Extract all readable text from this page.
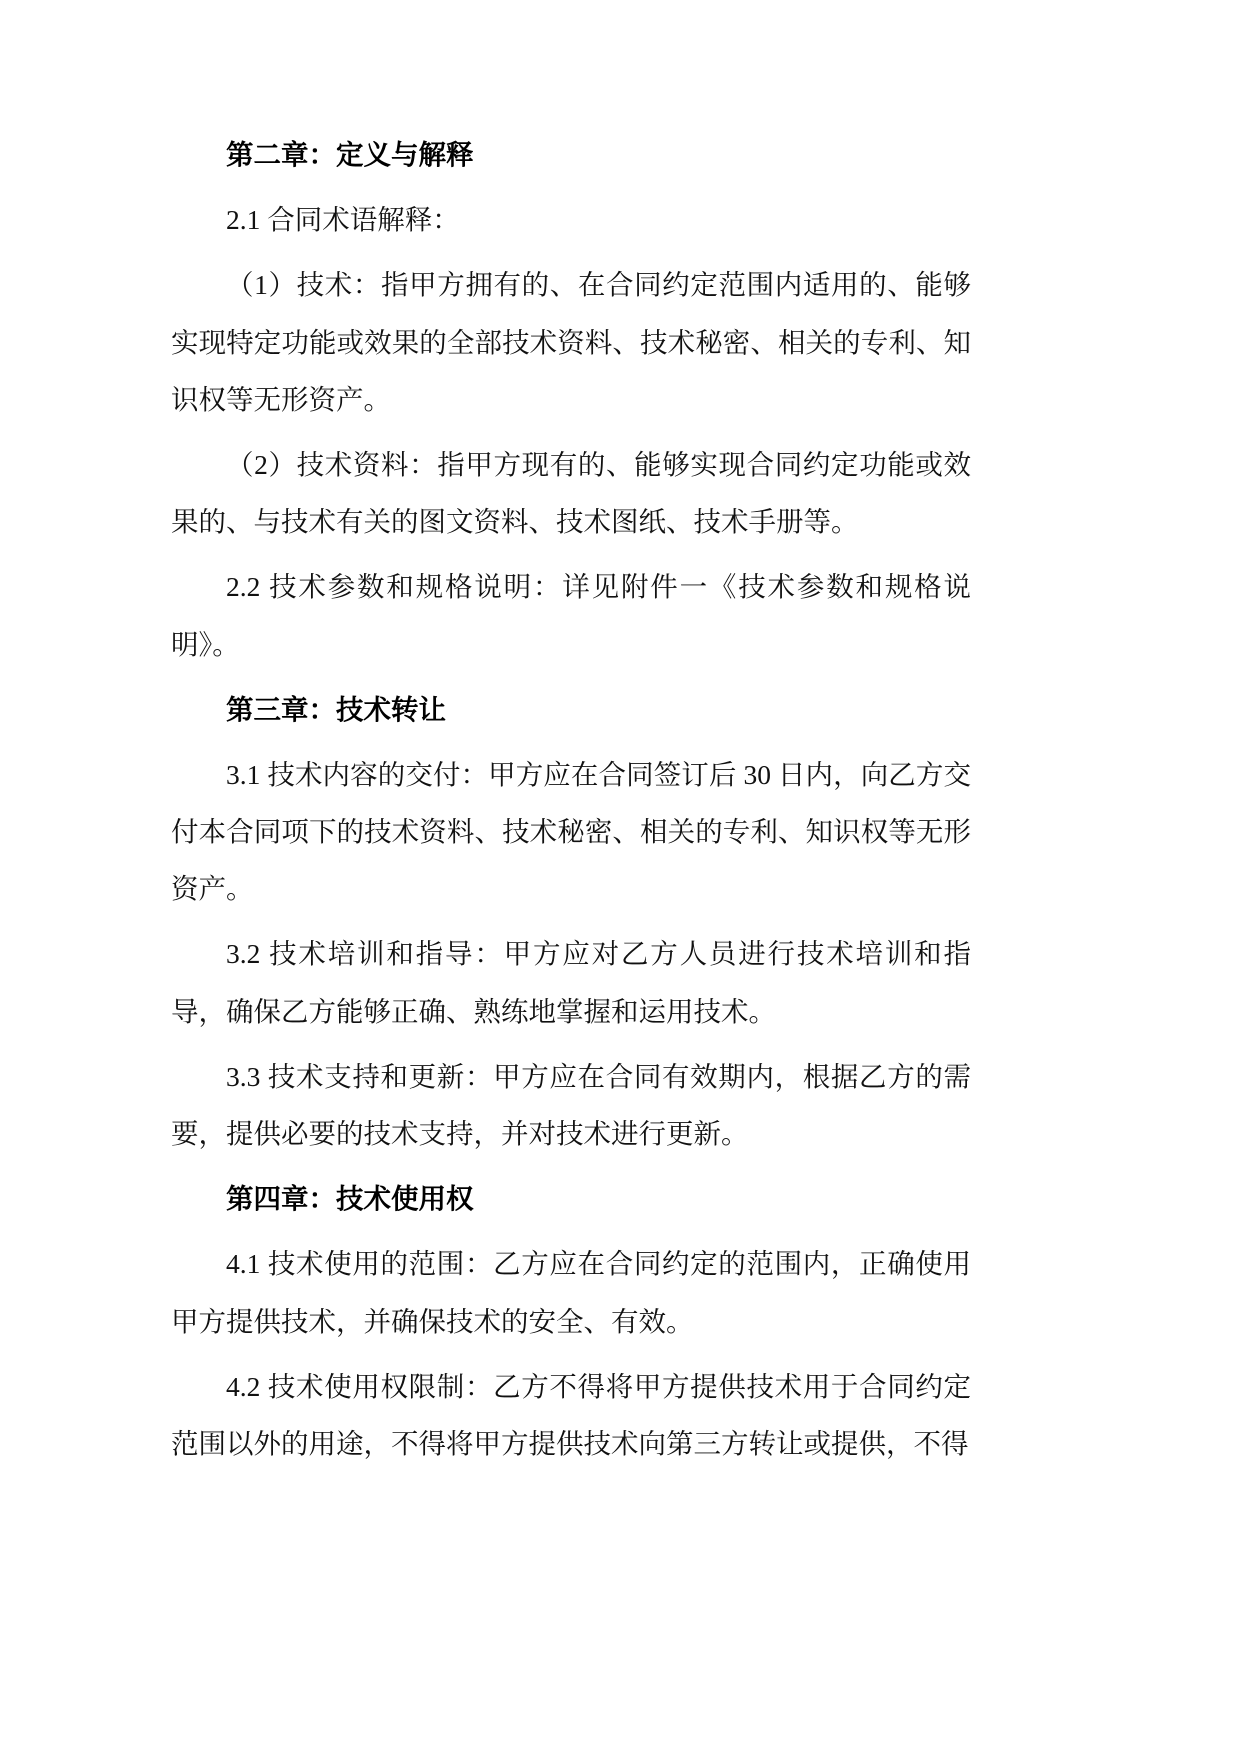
第二章：定义与解释
2.1 合同术语解释：
（1）技术：指甲方拥有的、在合同约定范围内适用的、能够实现特定功能或效果的全部技术资料、技术秘密、相关的专利、知识权等无形资产。
（2）技术资料：指甲方现有的、能够实现合同约定功能或效果的、与技术有关的图文资料、技术图纸、技术手册等。
2.2 技术参数和规格说明：详见附件一《技术参数和规格说明》。
第三章：技术转让
3.1 技术内容的交付：甲方应在合同签订后 30 日内，向乙方交付本合同项下的技术资料、技术秘密、相关的专利、知识权等无形资产。
3.2 技术培训和指导：甲方应对乙方人员进行技术培训和指导，确保乙方能够正确、熟练地掌握和运用技术。
3.3 技术支持和更新：甲方应在合同有效期内，根据乙方的需要，提供必要的技术支持，并对技术进行更新。
第四章：技术使用权
4.1 技术使用的范围：乙方应在合同约定的范围内，正确使用甲方提供技术，并确保技术的安全、有效。
4.2 技术使用权限制：乙方不得将甲方提供技术用于合同约定范围以外的用途，不得将甲方提供技术向第三方转让或提供，不得
